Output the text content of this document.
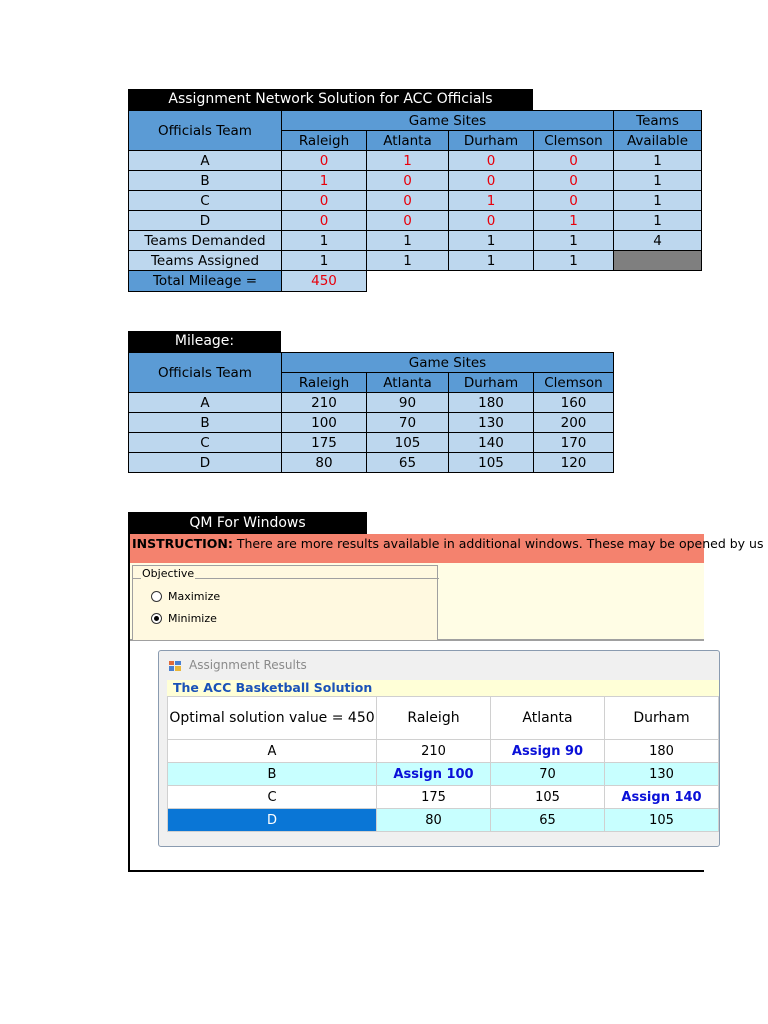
Assignment Network Solution for ACC Officials
Officials Team	Game Sites				Teams
	Raleigh	Atlanta	Durham	Clemson	Available
A	0	1	0	0	1
B	1	0	0	0	1
C	0	0	1	0	1
D	0	0	0	1	1
Teams Demanded	1	1	1	1	4
Teams Assigned	1	1	1	1	
Total Mileage =	450
Mileage:
Officials Team	Game Sites			
	Raleigh	Atlanta	Durham	Clemson
A	210	90	180	160
B	100	70	130	200
C	175	105	140	170
D	80	65	105	120
QM For Windows
INSTRUCTION: There are more results available in additional windows. These may be opened by us
Objective
Maximize
Minimize
Assignment Results
The ACC Basketball Solution
Optimal solution value = 450	Raleigh	Atlanta	Durham
A	210	Assign 90	180
B	Assign 100	70	130
C	175	105	Assign 140
D	80	65	105
